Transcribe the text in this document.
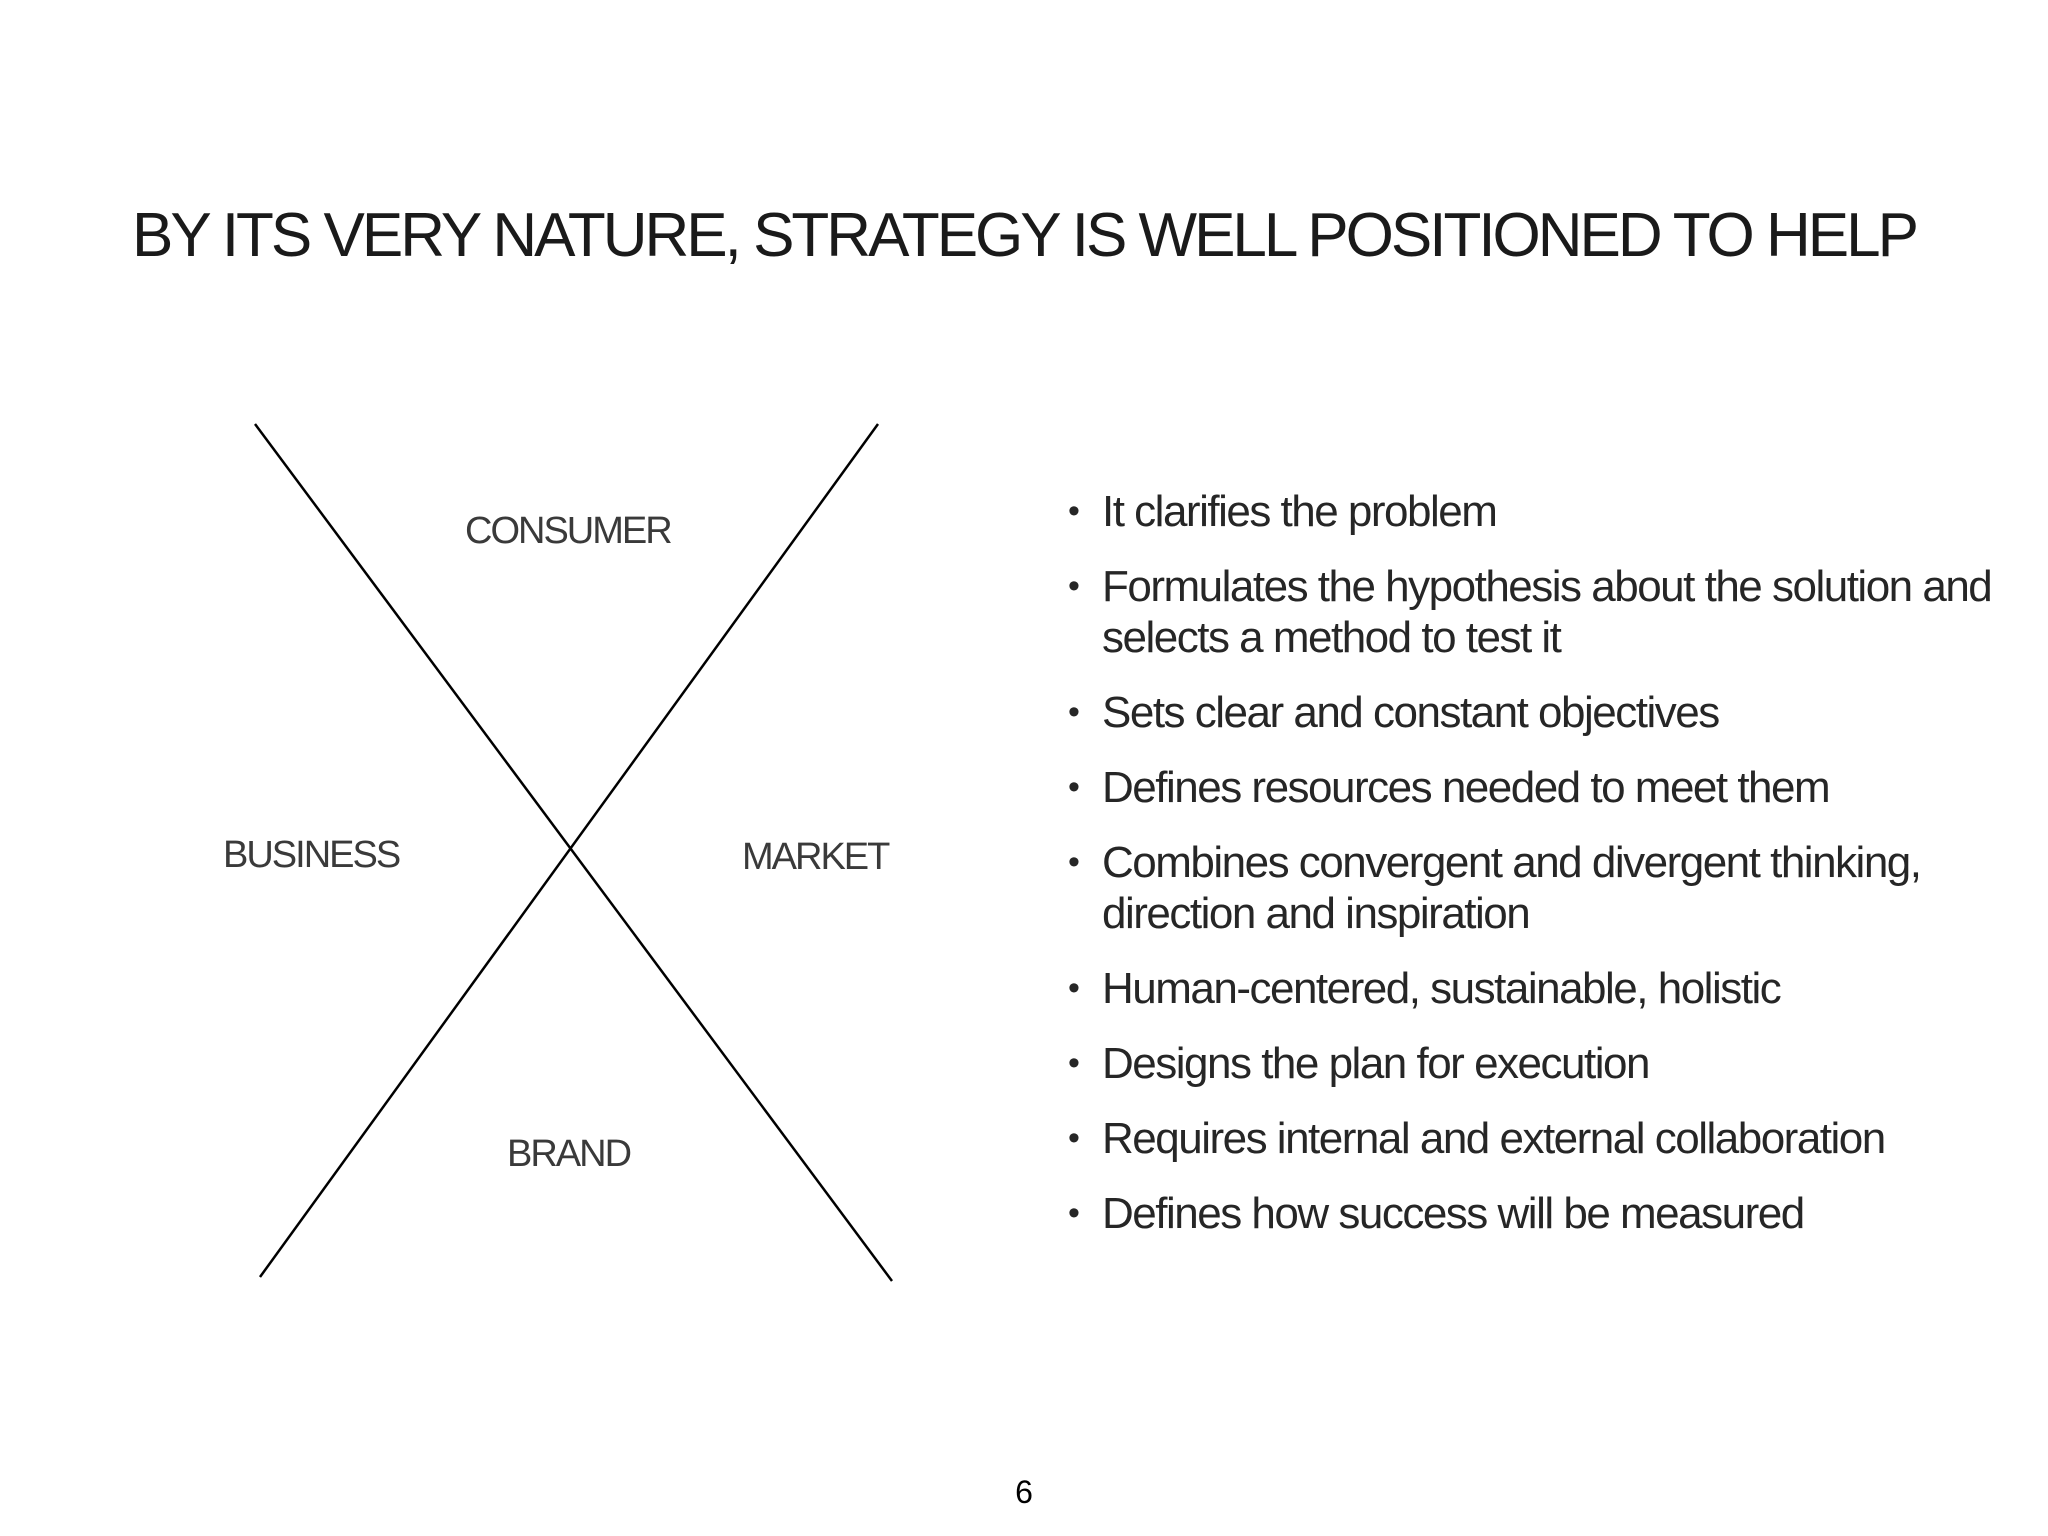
BY ITS VERY NATURE, STRATEGY IS WELL POSITIONED TO HELP
CONSUMER
BUSINESS	MARKET
BRAND
• It clarifies the problem
• Formulates the hypothesis about the solution and selects a method to test it
• Sets clear and constant objectives
• Defines resources needed to meet them
• Combines convergent and divergent thinking, direction and inspiration
• Human-centered, sustainable, holistic
• Designs the plan for execution
• Requires internal and external collaboration
• Defines how success will be measured
6
